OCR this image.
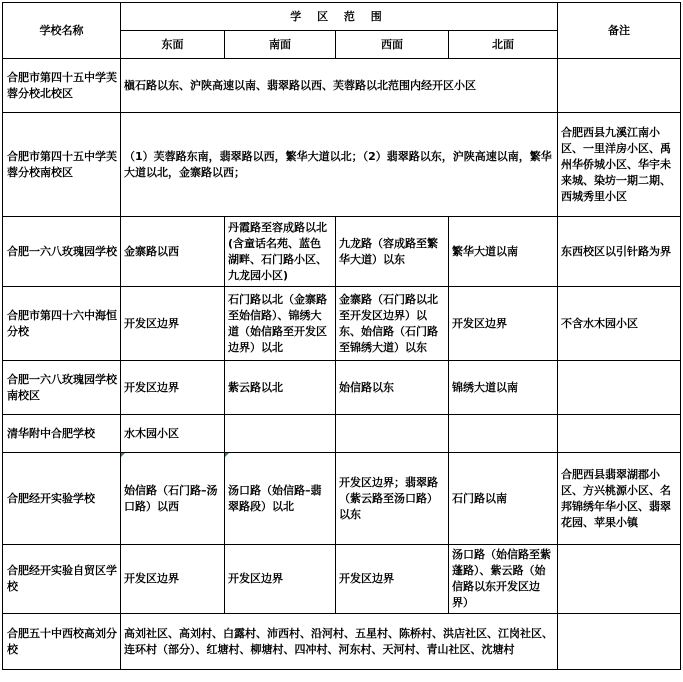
学校名称	学 区 范 围				备注
	东面	南面	西面	北面	
合肥市第四十五中学芙蓉分校北校区	槇石路以东、沪陕高速以南、翡翠路以西、芙蓉路以北范围内经开区小区				
合肥市第四十五中学芙蓉分校南校区	（1）芙蓉路东南，翡翠路以西，繁华大道以北；（2）翡翠路以东，沪陕高速以南，繁华大道以北，金寨路以西；				合肥西县九溪江南小区、一里洋房小区、禹州华侨城小区、华宇未来城、染坊一期二期、西城秀里小区
合肥一六八玫瑰园学校	金寨路以西	丹霞路至容成路以北(含童话名苑、蓝色湖畔、石门路小区、九龙园小区)	九龙路（容成路至繁华大道）以东	繁华大道以南	东西校区以引针路为界
合肥市第四十六中海恒分校	开发区边界	石门路以北（金寨路至始信路）、锦绣大道（始信路至开发区边界）以北	金寨路（石门路以北至开发区边界）以东、始信路（石门路至锦绣大道）以东	开发区边界	不含水木园小区
合肥一六八玫瑰园学校南校区	开发区边界	紫云路以北	始信路以东	锦绣大道以南	
清华附中合肥学校	水木园小区				
合肥经开实验学校	始信路（石门路–汤口路）以西	汤口路（始信路–翡翠路段）以北	开发区边界；翡翠路（紫云路至汤口路）以东	石门路以南	合肥西县翡翠湖郡小区、方兴桃源小区、名邦锦绣年华小区、翡翠花园、苹果小镇
合肥经开实验自贸区学校	开发区边界	开发区边界	开发区边界	汤口路（始信路至紫蓬路）、紫云路（始信路以东开发区边界）	
合肥五十中西校高刘分校	高刘社区、高刘村、白露村、沛西村、沿河村、五星村、陈桥村、洪店社区、江岗社区、连环村（部分）、红塘村、柳塘村、四冲村、河东村、天河村、青山社区、沈塘村				
